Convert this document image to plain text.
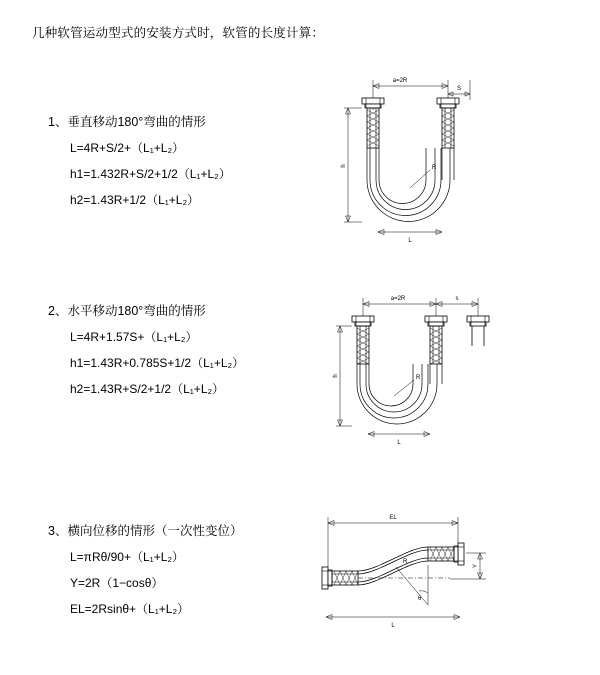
几种软管运动型式的安装方式时，软管的长度计算：
1、垂直移动180°弯曲的情形
L=4R+S/2+（L₁+L₂）
h1=1.432R+S/2+1/2（L₁+L₂）
h2=1.43R+1/2（L₁+L₂）
a=2R
S
R
h
L
2、水平移动180°弯曲的情形
L=4R+1.57S+（L₁+L₂）
h1=1.43R+0.785S+1/2（L₁+L₂）
h2=1.43R+S/2+1/2（L₁+L₂）
a=2R	s
R
h
L
3、横向位移的情形（一次性变位）
L=πRθ/90+（L₁+L₂）
Y=2R（1−cosθ）
EL=2Rsinθ+（L₁+L₂）
EL
θ
R
Y
L
